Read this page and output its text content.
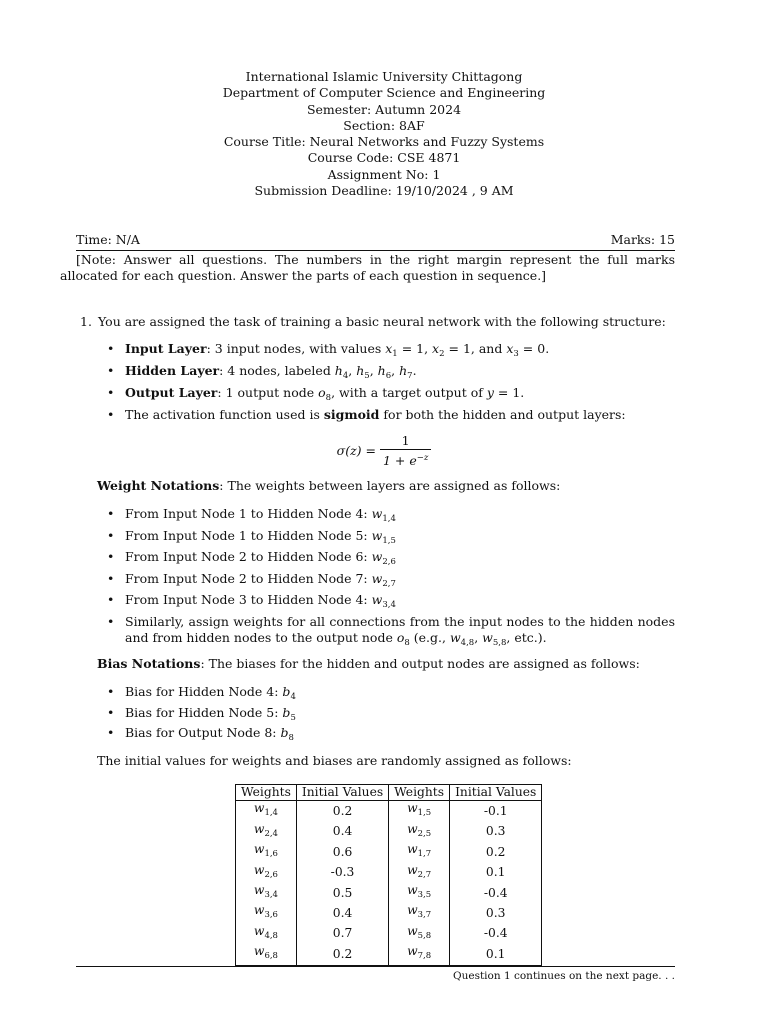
International Islamic University Chittagong
Department of Computer Science and Engineering
Semester: Autumn 2024
Section: 8AF
Course Title: Neural Networks and Fuzzy Systems
Course Code: CSE 4871
Assignment No: 1
Submission Deadline: 19/10/2024 , 9 AM
Time: N/A	Marks: 15
[Note: Answer all questions. The numbers in the right margin represent the full marks allocated for each question. Answer the parts of each question in sequence.]
1. You are assigned the task of training a basic neural network with the following structure:
• Input Layer: 3 input nodes, with values $x_1 = 1$, $x_2 = 1$, and $x_3 = 0$.
• Hidden Layer: 4 nodes, labeled $h_4$, $h_5$, $h_6$, $h_7$.
• Output Layer: 1 output node $o_8$, with a target output of y = 1.
• The activation function used is sigmoid for both the hidden and output layers:
$\sigma(z) = \frac{1}{1 + e^{-z}}$
Weight Notations: The weights between layers are assigned as follows:
• From Input Node 1 to Hidden Node 4: $w_{1,4}$
• From Input Node 1 to Hidden Node 5: $w_{1,5}$
• From Input Node 2 to Hidden Node 6: $w_{2,6}$
• From Input Node 2 to Hidden Node 7: $w_{2,7}$
• From Input Node 3 to Hidden Node 4: $w_{3,4}$
• Similarly, assign weights for all connections from the input nodes to the hidden nodes and from hidden nodes to the output node $o_8$ (e.g., $w_{4,8}$, $w_{5,8}$, etc.).
Bias Notations: The biases for the hidden and output nodes are assigned as follows:
• Bias for Hidden Node 4: $b_4$
• Bias for Hidden Node 5: $b_5$
• Bias for Output Node 8: $b_8$
The initial values for weights and biases are randomly assigned as follows:
Weights	Initial Values	Weights	Initial Values
$w_{1,4}$	0.2	$w_{1,5}$	-0.1
$w_{2,4}$	0.4	$w_{2,5}$	0.3
$w_{1,6}$	0.6	$w_{1,7}$	0.2
$w_{2,6}$	-0.3	$w_{2,7}$	0.1
$w_{3,4}$	0.5	$w_{3,5}$	-0.4
$w_{3,6}$	0.4	$w_{3,7}$	0.3
$w_{4,8}$	0.7	$w_{5,8}$	-0.4
$w_{6,8}$	0.2	$w_{7,8}$	0.1
Question 1 continues on the next page. . .
